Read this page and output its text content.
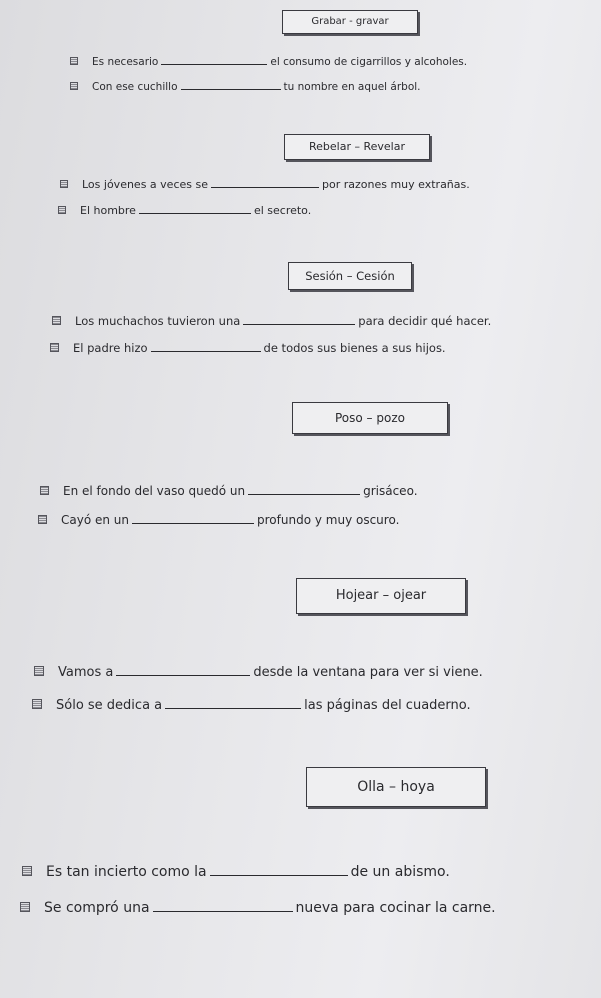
Grabar - gravar
Es necesario	el consumo de cigarrillos y alcoholes.
Con ese cuchillo	tu nombre en aquel árbol.
Rebelar – Revelar
Los jóvenes a veces se	por razones muy extrañas.
El hombre	el secreto.
Sesión – Cesión
Los muchachos tuvieron una	para decidir qué hacer.
El padre hizo	de todos sus bienes a sus hijos.
Poso – pozo
En el fondo del vaso quedó un	grisáceo.
Cayó en un	profundo y muy oscuro.
Hojear – ojear
Vamos a	desde la ventana para ver si viene.
Sólo se dedica a	las páginas del cuaderno.
Olla – hoya
Es tan incierto como la	de un abismo.
Se compró una	nueva para cocinar la carne.
